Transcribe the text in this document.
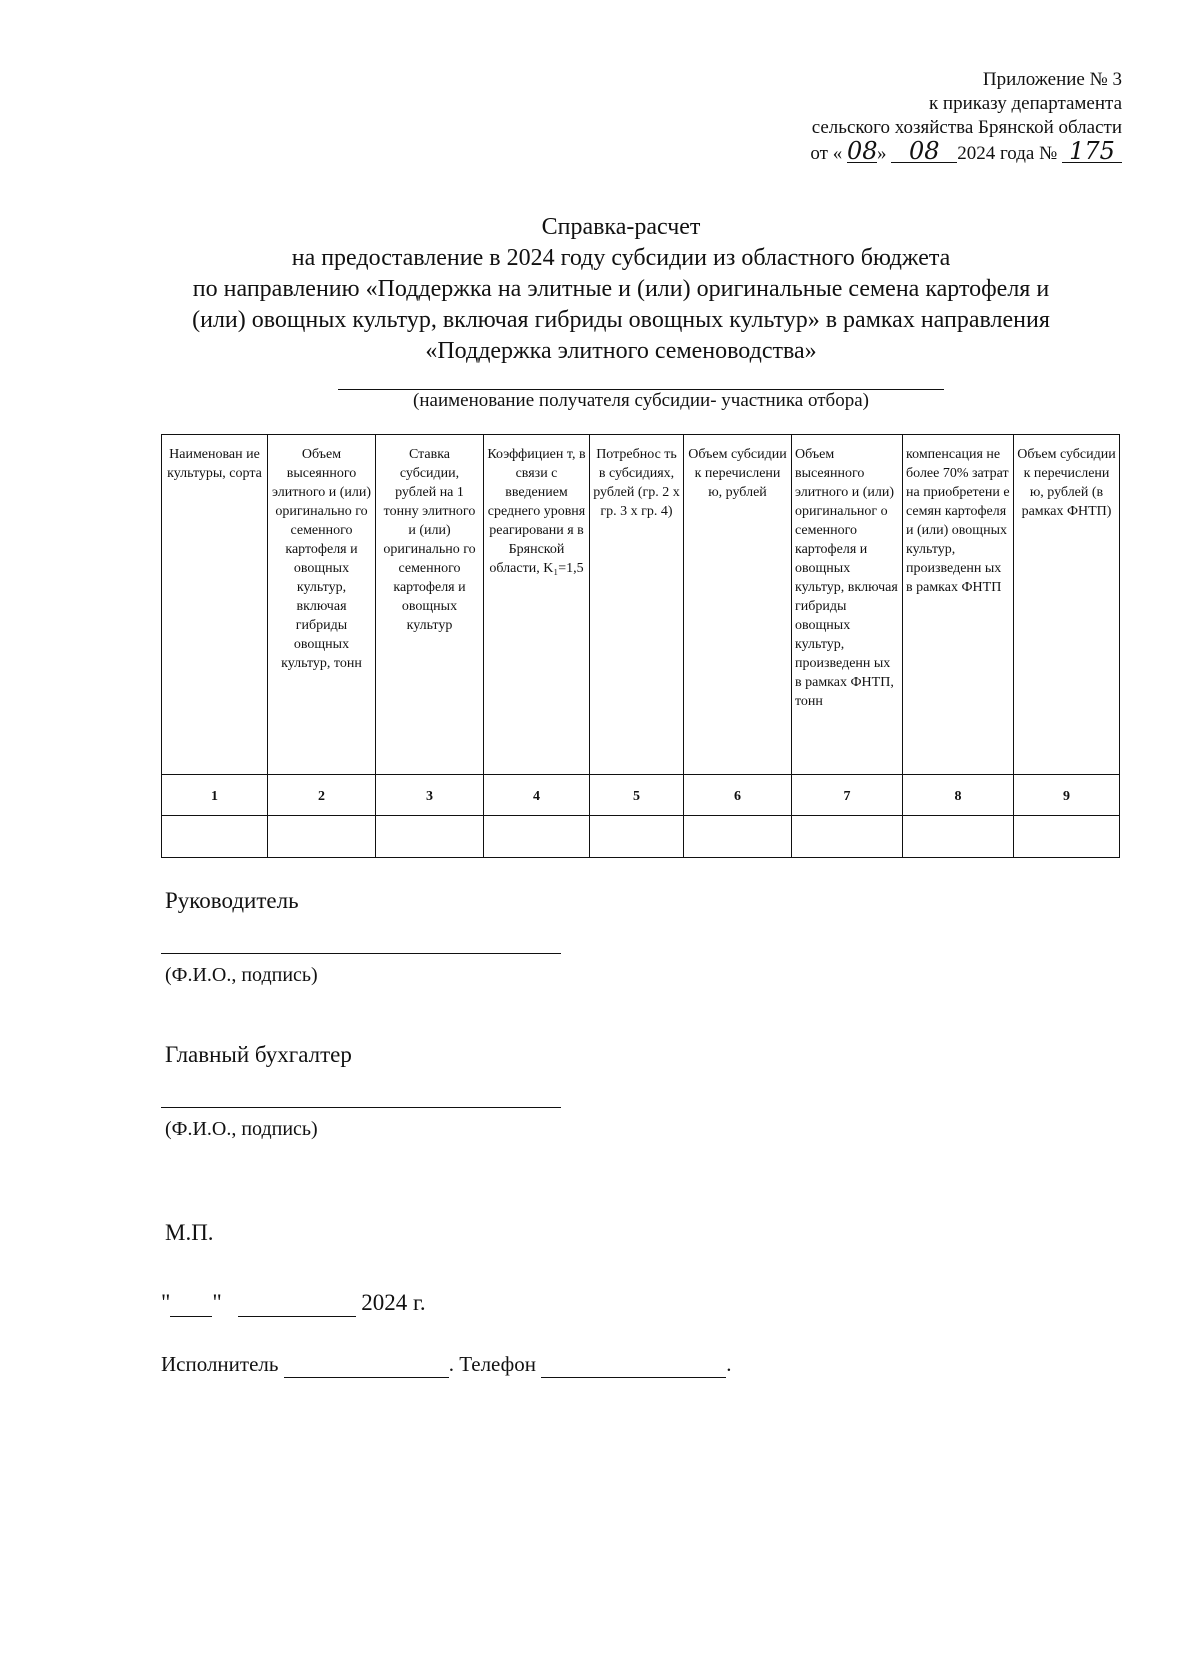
Приложение № 3
к приказу департамента
сельского хозяйства Брянской области
от « 08» 08 2024 года № 175
Справка-расчет
на предоставление в 2024 году субсидии из областного бюджета
по направлению «Поддержка на элитные и (или) оригинальные семена картофеля и
(или) овощных культур, включая гибриды овощных культур» в рамках направления
«Поддержка элитного семеноводства»
(наименование получателя субсидии- участника отбора)
Наименован ие культуры, сорта	Объем высеянного элитного и (или) оригинально го семенного картофеля и овощных культур, включая гибриды овощных культур, тонн	Ставка субсидии, рублей на 1 тонну элитного и (или) оригинально го семенного картофеля и овощных культур	Коэффициен т, в связи с введением среднего уровня реагировани я в Брянской области, K₁=1,5	Потребнос ть в субсидиях, рублей (гр. 2 х гр. 3 х гр. 4)	Объем субсидии к перечислени ю, рублей	Объем высеянного элитного и (или) оригинальног о семенного картофеля и овощных культур, включая гибриды овощных культур, произведенн ых в рамках ФНТП, тонн	компенсация не более 70% затрат на приобретени е семян картофеля и (или) овощных культур, произведенн ых в рамках ФНТП	Объем субсидии к перечислени ю, рублей (в рамках ФНТП)
1	2	3	4	5	6	7	8	9

Руководитель
(Ф.И.О., подпись)
Главный бухгалтер
(Ф.И.О., подпись)
М.П.
" "	2024 г.
Исполнитель	. Телефон	.
